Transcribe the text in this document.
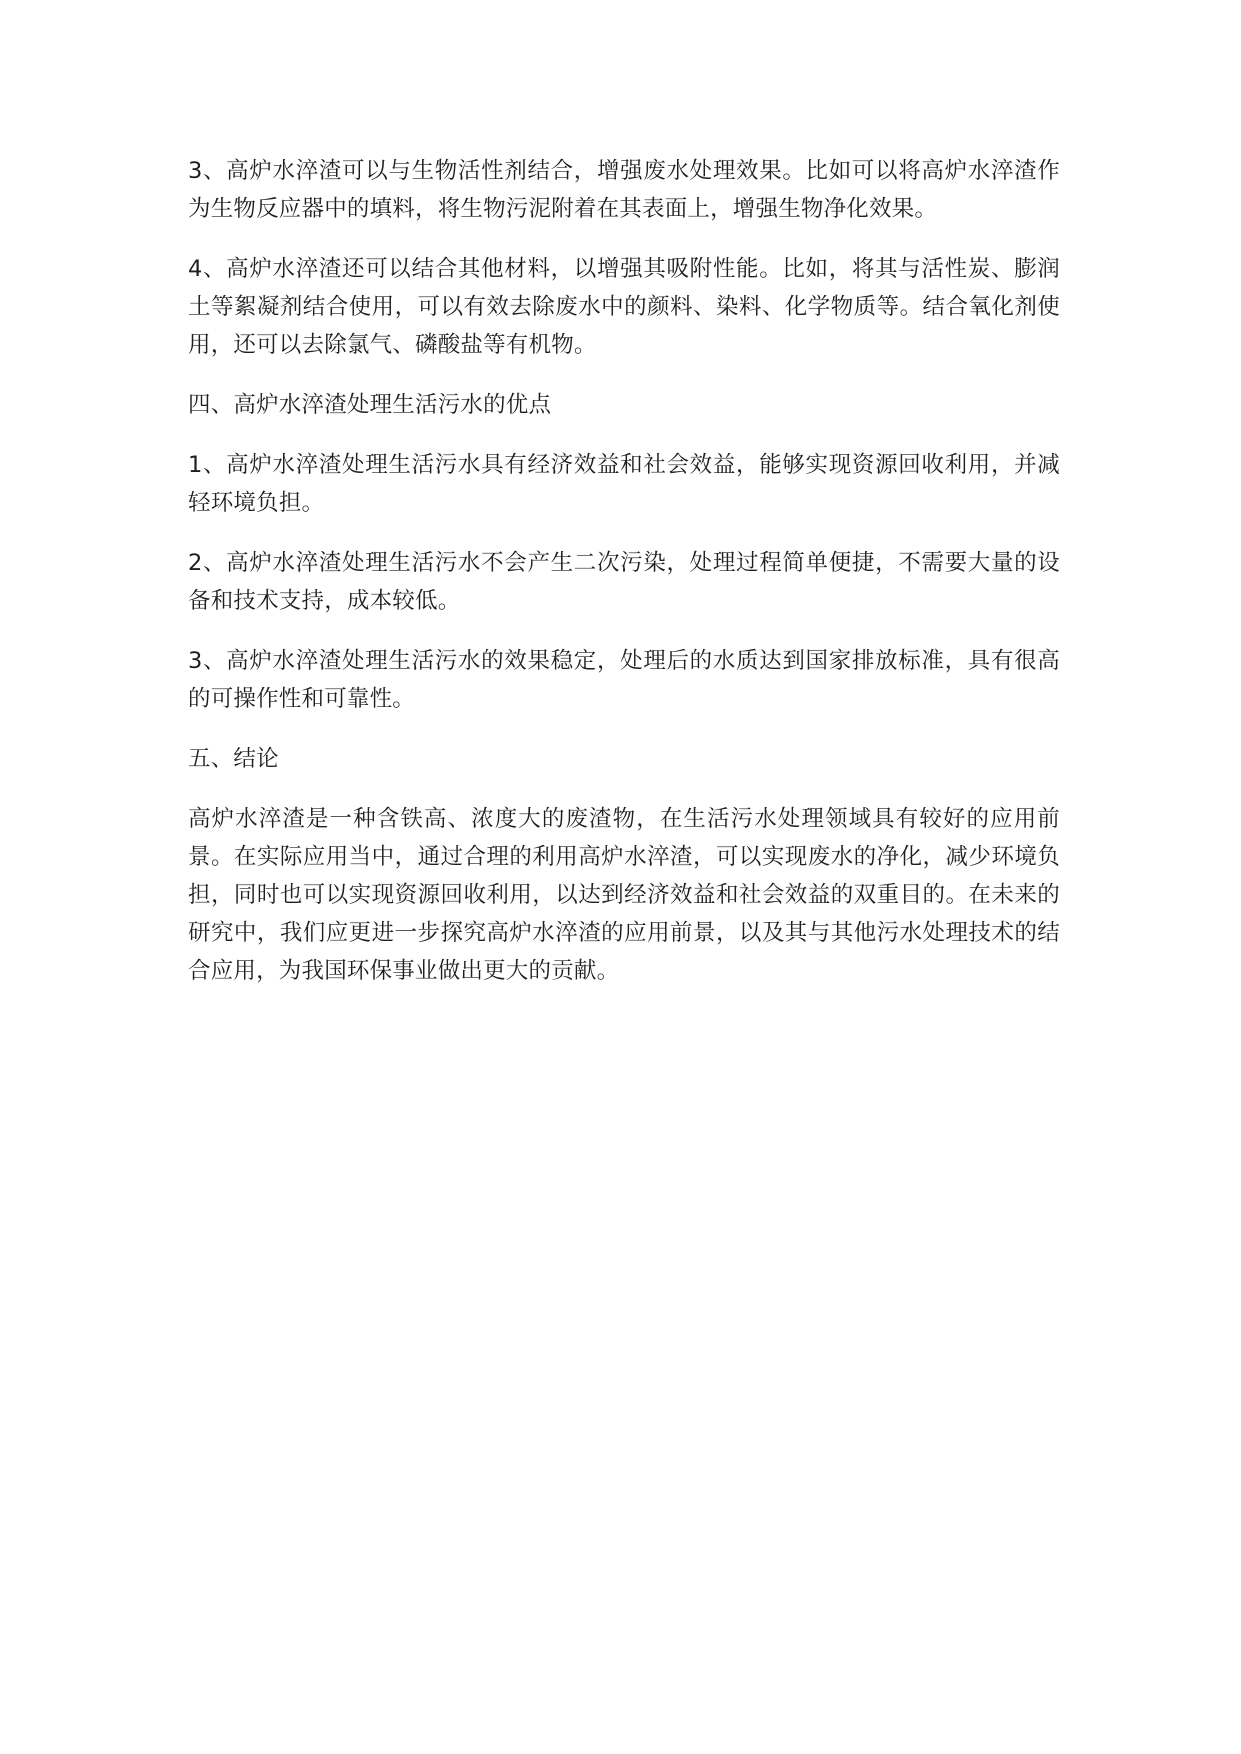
3、高炉水淬渣可以与生物活性剂结合，增强废水处理效果。比如可以将高炉水淬渣作为生物反应器中的填料，将生物污泥附着在其表面上，增强生物净化效果。

4、高炉水淬渣还可以结合其他材料，以增强其吸附性能。比如，将其与活性炭、膨润土等絮凝剂结合使用，可以有效去除废水中的颜料、染料、化学物质等。结合氧化剂使用，还可以去除氯气、磷酸盐等有机物。

四、高炉水淬渣处理生活污水的优点

1、高炉水淬渣处理生活污水具有经济效益和社会效益，能够实现资源回收利用，并减轻环境负担。

2、高炉水淬渣处理生活污水不会产生二次污染，处理过程简单便捷，不需要大量的设备和技术支持，成本较低。

3、高炉水淬渣处理生活污水的效果稳定，处理后的水质达到国家排放标准，具有很高的可操作性和可靠性。

五、结论

高炉水淬渣是一种含铁高、浓度大的废渣物，在生活污水处理领域具有较好的应用前景。在实际应用当中，通过合理的利用高炉水淬渣，可以实现废水的净化，减少环境负担，同时也可以实现资源回收利用，以达到经济效益和社会效益的双重目的。在未来的研究中，我们应更进一步探究高炉水淬渣的应用前景，以及其与其他污水处理技术的结合应用，为我国环保事业做出更大的贡献。
